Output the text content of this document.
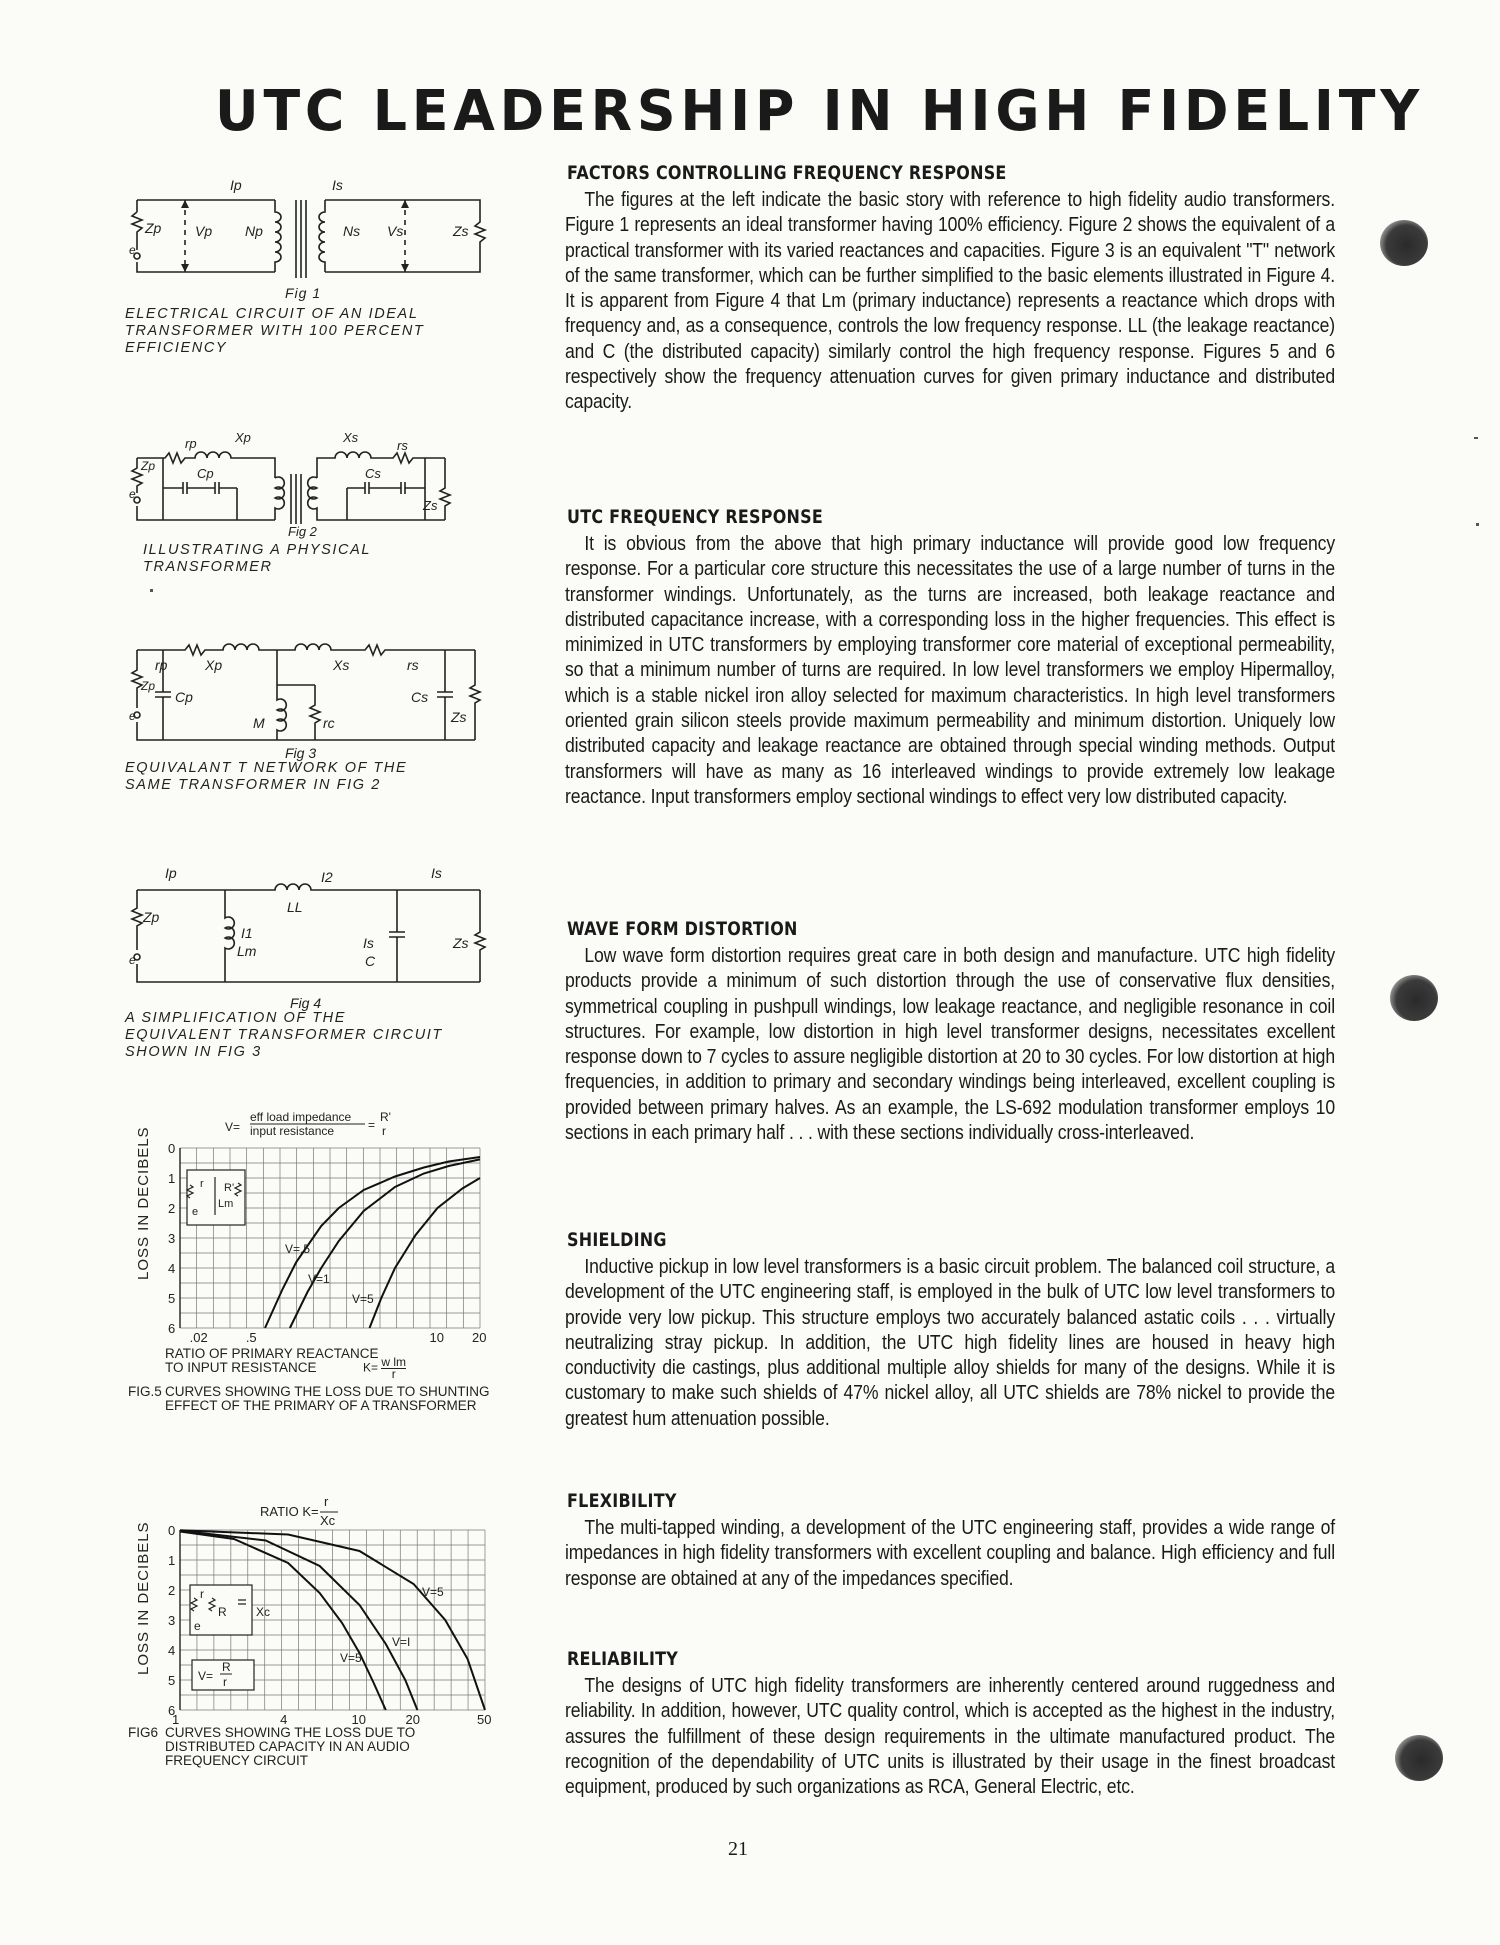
UTC LEADERSHIP IN HIGH FIDELITY
Ip	Is
Zp Vp Np	Ns Vs	Zs
e
Fig 1

ELECTRICAL CIRCUIT OF AN IDEAL TRANSFORMER WITH 100 PERCENT EFFICIENCY

rp	Xp	Xs
rs
Cp	Cs
Zp
Zs
e
Fig 2

ILLUSTRATING A PHYSICAL TRANSFORMER

rp	Xp	Xs	rs
Zp
Cp
M	rc
Cs
Zs
e
Fig 3

EQUIVALANT T NETWORK OF THE SAME TRANSFORMER IN FIG 2

Ip	I2	Is
LL
Zp
I1
Lm	Is
C
Zs
e
Fig 4

A SIMPLIFICATION OF THE EQUIVALENT TRANSFORMER CIRCUIT SHOWN IN FIG 3

V=
eff load impedance
input resistance	=
R'
r
LOSS IN DECIBELS 0
1
2
3
4
5
6
.02	.5	10 20
V=.5
V=1
V=5
r
e
R'
Lm

RATIO OF PRIMARY REACTANCE

TO INPUT RESISTANCE	$K= \frac{\text{w lm}}{r}$
FIG.5 CURVES SHOWING THE LOSS DUE TO SHUNTING EFFECT OF THE PRIMARY OF A TRANSFORMER

RATIO K=
r
Xc
LOSS IN DECIBELS 0
1
2
3
4
5
6
1	4	10	20	50
V=5
V=I
V=5
r
e
R Xc
V=
R
r
FIG6 CURVES SHOWING THE LOSS DUE TO DISTRIBUTED CAPACITY IN AN AUDIO FREQUENCY CIRCUIT

FACTORS CONTROLLING FREQUENCY RESPONSE

The figures at the left indicate the basic story with reference to high fidelity audio transformers. Figure 1 represents an ideal transformer having 100% efficiency. Figure 2 shows the equivalent of a practical transformer with its varied reactances and capacities. Figure 3 is an equivalent "T" network of the same transformer, which can be further simplified to the basic elements illustrated in Figure 4. It is apparent from Figure 4 that Lm (primary inductance) represents a reactance which drops with frequency and, as a consequence, controls the low frequency response. LL (the leakage reactance) and C (the distributed capacity) similarly control the high frequency response. Figures 5 and 6 respectively show the frequency attenuation curves for given primary inductance and distributed capacity.

UTC FREQUENCY RESPONSE

It is obvious from the above that high primary inductance will provide good low frequency response. For a particular core structure this necessitates the use of a large number of turns in the transformer windings. Unfortunately, as the turns are increased, both leakage reactance and distributed capacitance increase, with a corresponding loss in the higher frequencies. This effect is minimized in UTC transformers by employing transformer core material of exceptional permeability, so that a minimum number of turns are required. In low level transformers we employ Hipermalloy, which is a stable nickel iron alloy selected for maximum characteristics. In high level transformers oriented grain silicon steels provide maximum permeability and minimum distortion. Uniquely low distributed capacity and leakage reactance are obtained through special winding methods. Output transformers will have as many as 16 interleaved windings to provide extremely low leakage reactance. Input transformers employ sectional windings to effect very low distributed capacity.

WAVE FORM DISTORTION

Low wave form distortion requires great care in both design and manufacture. UTC high fidelity products provide a minimum of such distortion through the use of conservative flux densities, symmetrical coupling in pushpull windings, low leakage reactance, and negligible resonance in coil structures. For example, low distortion in high level transformer designs, necessitates excellent response down to 7 cycles to assure negligible distortion at 20 to 30 cycles. For low distortion at high frequencies, in addition to primary and secondary windings being interleaved, excellent coupling is provided between primary halves. As an example, the LS-692 modulation transformer employs 10 sections in each primary half . . . with these sections individually cross-interleaved.

SHIELDING

Inductive pickup in low level transformers is a basic circuit problem. The balanced coil structure, a development of the UTC engineering staff, is employed in the bulk of UTC low level transformers to provide very low pickup. This structure employs two accurately balanced astatic coils . . . virtually neutralizing stray pickup. In addition, the UTC high fidelity lines are housed in heavy high conductivity die castings, plus additional multiple alloy shields for many of the designs. While it is customary to make such shields of 47% nickel alloy, all UTC shields are 78% nickel to provide the greatest hum attenuation possible.

FLEXIBILITY

The multi-tapped winding, a development of the UTC engineering staff, provides a wide range of impedances in high fidelity transformers with excellent coupling and balance. High efficiency and full response are obtained at any of the impedances specified.

RELIABILITY

The designs of UTC high fidelity transformers are inherently centered around ruggedness and reliability. In addition, however, UTC quality control, which is accepted as the highest in the industry, assures the fulfillment of these design requirements in the ultimate manufactured product. The recognition of the dependability of UTC units is illustrated by their usage in the finest broadcast equipment, produced by such organizations as RCA, General Electric, etc.

21
